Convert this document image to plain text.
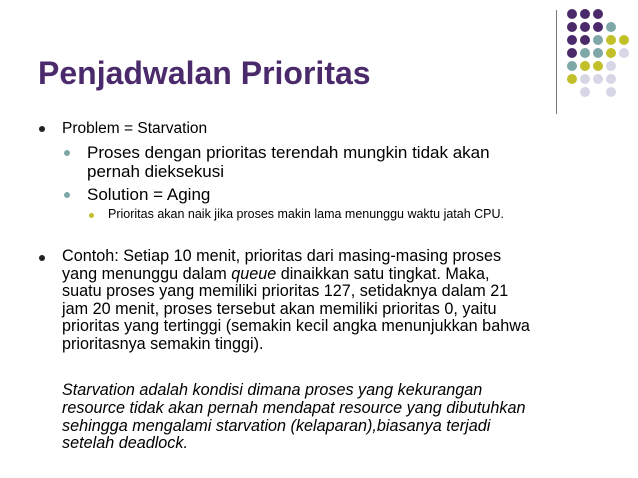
Penjadwalan Prioritas
Problem = Starvation
Proses dengan prioritas terendah mungkin tidak akan
pernah dieksekusi
Solution = Aging
Prioritas akan naik jika proses makin lama menunggu waktu jatah CPU.
Contoh: Setiap 10 menit, prioritas dari masing-masing proses
yang menunggu dalam queue dinaikkan satu tingkat. Maka,
suatu proses yang memiliki prioritas 127, setidaknya dalam 21
jam 20 menit, proses tersebut akan memiliki prioritas 0, yaitu
prioritas yang tertinggi (semakin kecil angka menunjukkan bahwa
prioritasnya semakin tinggi).
Starvation adalah kondisi dimana proses yang kekurangan
resource tidak akan pernah mendapat resource yang dibutuhkan
sehingga mengalami starvation (kelaparan),biasanya terjadi
setelah deadlock.
